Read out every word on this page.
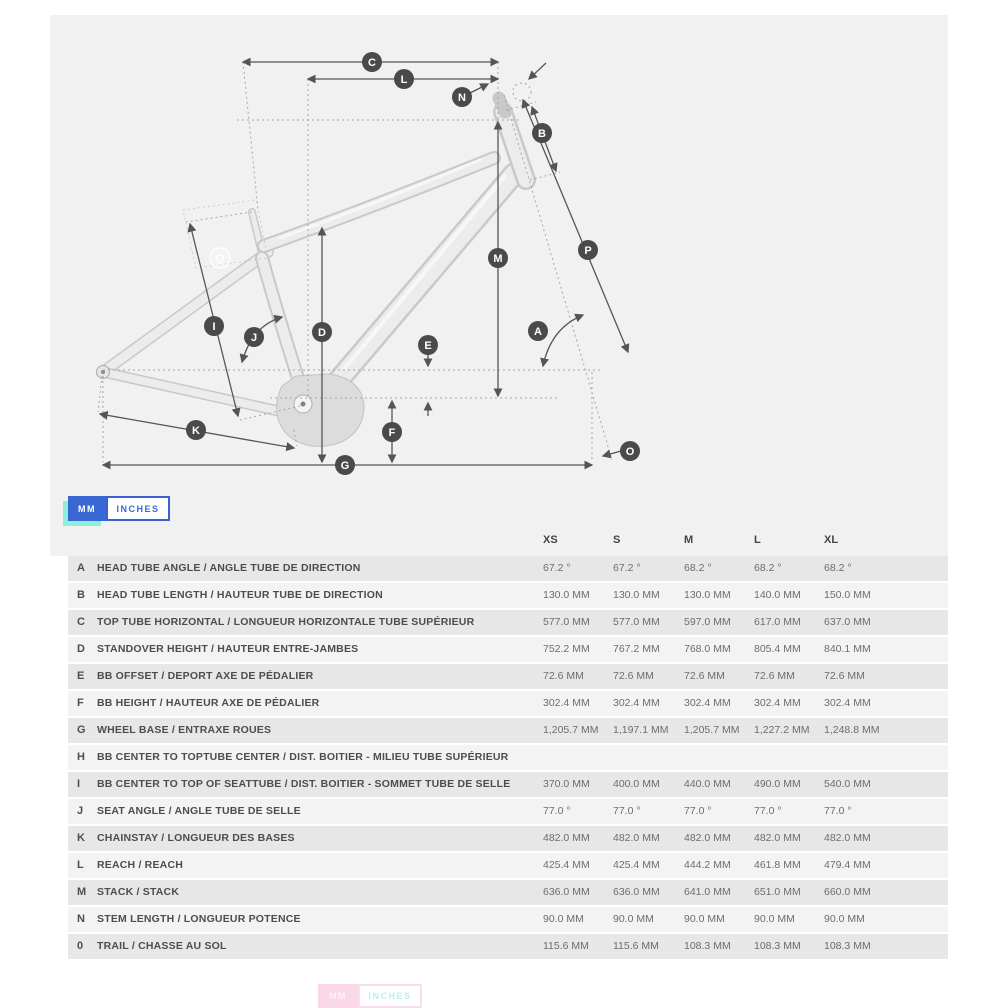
C
L
N
B
P
M
A
E
D
I
J
K	F
G
O
Q
MM	INCHES
XS	S	M	L	XL
A HEAD TUBE ANGLE / ANGLE TUBE DE DIRECTION	67.2 °	67.2 °	68.2 °	68.2 °	68.2 °
B HEAD TUBE LENGTH / HAUTEUR TUBE DE DIRECTION	130.0 MM 130.0 MM 130.0 MM 140.0 MM 150.0 MM
C TOP TUBE HORIZONTAL / LONGUEUR HORIZONTALE TUBE SUPÉRIEUR	577.0 MM 577.0 MM 597.0 MM 617.0 MM 637.0 MM
D STANDOVER HEIGHT / HAUTEUR ENTRE-JAMBES	752.2 MM 767.2 MM 768.0 MM 805.4 MM 840.1 MM
E BB OFFSET / DEPORT AXE DE PÉDALIER	72.6 MM	72.6 MM	72.6 MM	72.6 MM	72.6 MM
F BB HEIGHT / HAUTEUR AXE DE PÉDALIER	302.4 MM 302.4 MM 302.4 MM 302.4 MM 302.4 MM
G WHEEL BASE / ENTRAXE ROUES	1,205.7 MM 1,197.1 MM 1,205.7 MM 1,227.2 MM 1,248.8 MM
H BB CENTER TO TOPTUBE CENTER / DIST. BOITIER - MILIEU TUBE SUPÉRIEUR
I BB CENTER TO TOP OF SEATTUBE / DIST. BOITIER - SOMMET TUBE DE SELLE	370.0 MM 400.0 MM 440.0 MM 490.0 MM 540.0 MM
J SEAT ANGLE / ANGLE TUBE DE SELLE	77.0 °	77.0 °	77.0 °	77.0 °	77.0 °
K CHAINSTAY / LONGUEUR DES BASES	482.0 MM 482.0 MM 482.0 MM 482.0 MM 482.0 MM
L REACH / REACH	425.4 MM 425.4 MM 444.2 MM 461.8 MM 479.4 MM
M STACK / STACK	636.0 MM 636.0 MM 641.0 MM 651.0 MM 660.0 MM
N STEM LENGTH / LONGUEUR POTENCE	90.0 MM	90.0 MM	90.0 MM	90.0 MM	90.0 MM
0 TRAIL / CHASSE AU SOL	115.6 MM 115.6 MM 108.3 MM 108.3 MM 108.3 MM
MM	INCHES
